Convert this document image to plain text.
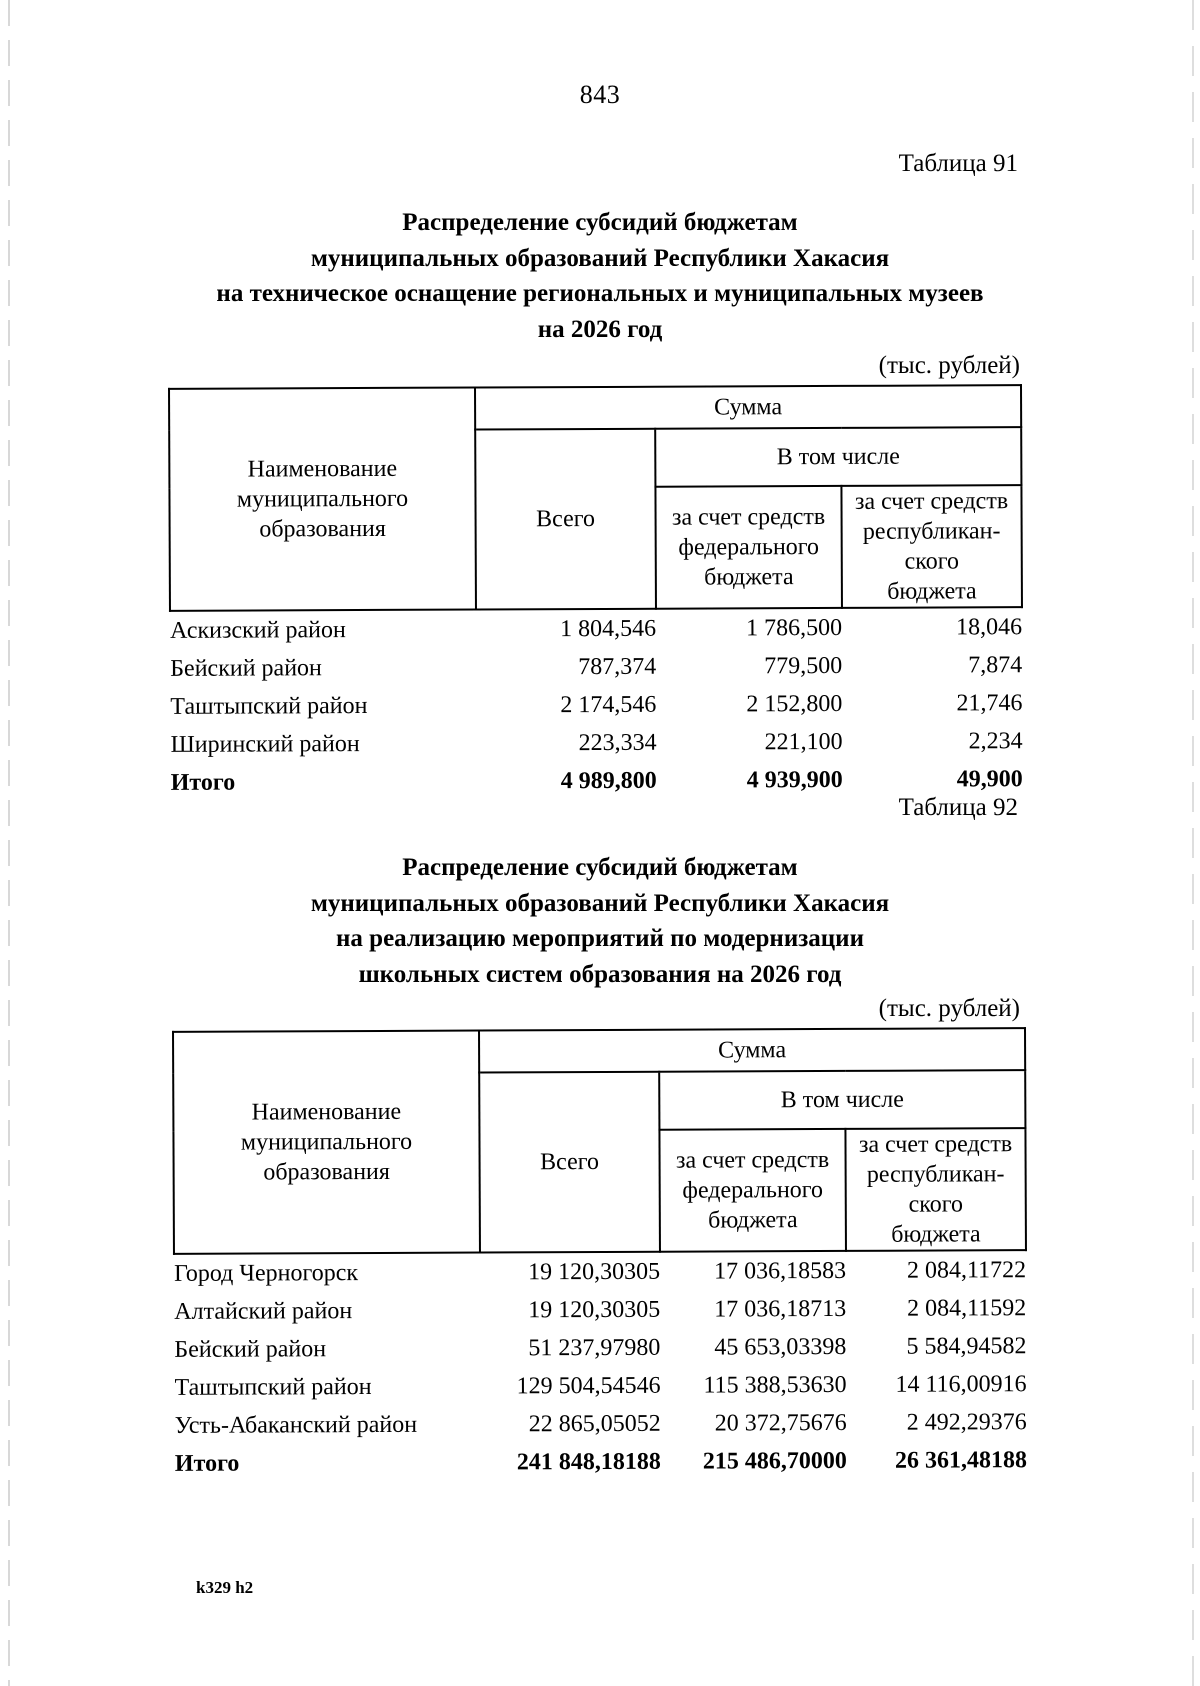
843
Таблица 91
Распределение субсидий бюджетам
муниципальных образований Республики Хакасия
на техническое оснащение региональных и муниципальных музеев
на 2026 год
(тыс. рублей)
Наименование
муниципального
образования	Сумма		
	Всего	В том числе	

за счет средств
федерального
бюджета

за счет средств
республикан-
ского
бюджета

Аскизский район	1 804,546	1 786,500	18,046
Бейский район	787,374	779,500	7,874
Таштыпский район	2 174,546	2 152,800	21,746
Ширинский район	223,334	221,100	2,234
Итого	4 989,800	4 939,900	49,900
Таблица 92
Распределение субсидий бюджетам
муниципальных образований Республики Хакасия
на реализацию мероприятий по модернизации
школьных систем образования на 2026 год
(тыс. рублей)
Наименование
муниципального
образования	Сумма		
	Всего	В том числе	

за счет средств
федерального
бюджета

за счет средств
республикан-
ского
бюджета

Город Черногорск	19 120,30305	17 036,18583	2 084,11722
Алтайский район	19 120,30305	17 036,18713	2 084,11592
Бейский район	51 237,97980	45 653,03398	5 584,94582
Таштыпский район	129 504,54546	115 388,53630	14 116,00916
Усть-Абаканский район	22 865,05052	20 372,75676	2 492,29376
Итого	241 848,18188	215 486,70000	26 361,48188
k329 h2
